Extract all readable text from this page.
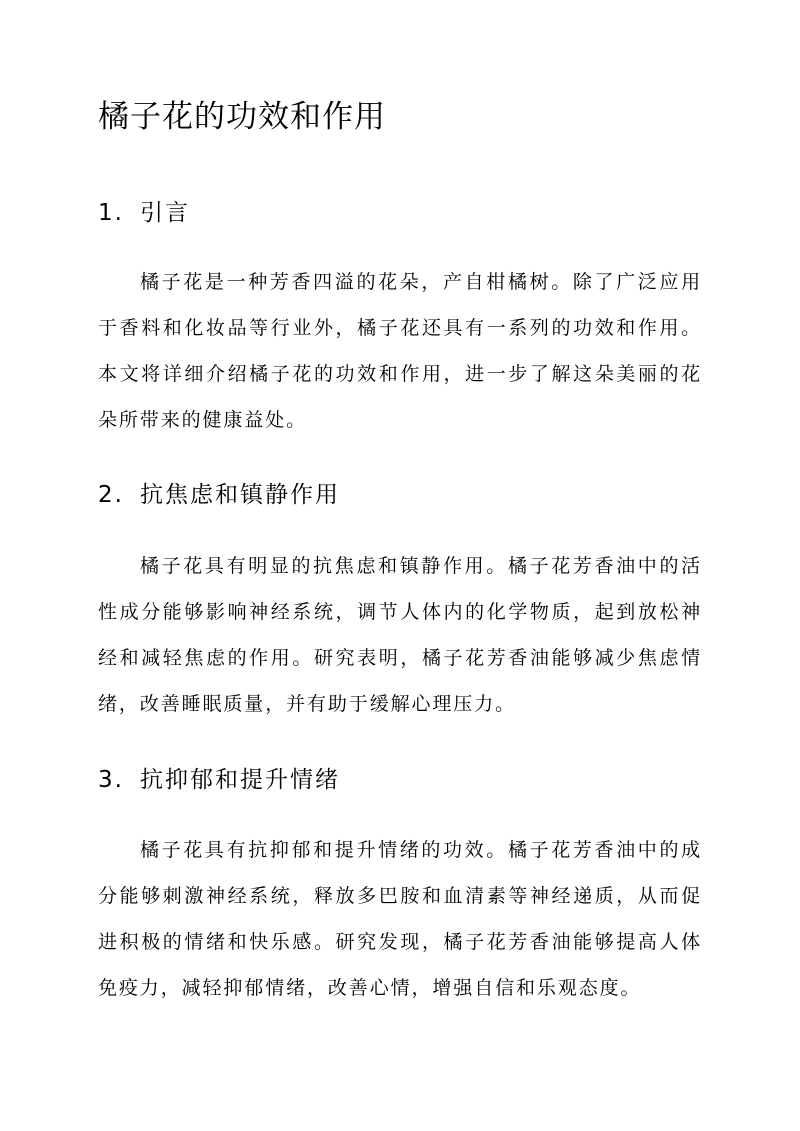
橘子花的功效和作用
1. 引言

橘子花是一种芳香四溢的花朵，产自柑橘树。除了广泛应用于香料和化妆品等行业外，橘子花还具有一系列的功效和作用。本文将详细介绍橘子花的功效和作用，进一步了解这朵美丽的花朵所带来的健康益处。

2. 抗焦虑和镇静作用

橘子花具有明显的抗焦虑和镇静作用。橘子花芳香油中的活性成分能够影响神经系统，调节人体内的化学物质，起到放松神经和减轻焦虑的作用。研究表明，橘子花芳香油能够减少焦虑情绪，改善睡眠质量，并有助于缓解心理压力。

3. 抗抑郁和提升情绪

橘子花具有抗抑郁和提升情绪的功效。橘子花芳香油中的成分能够刺激神经系统，释放多巴胺和血清素等神经递质，从而促进积极的情绪和快乐感。研究发现，橘子花芳香油能够提高人体免疫力，减轻抑郁情绪，改善心情，增强自信和乐观态度。
